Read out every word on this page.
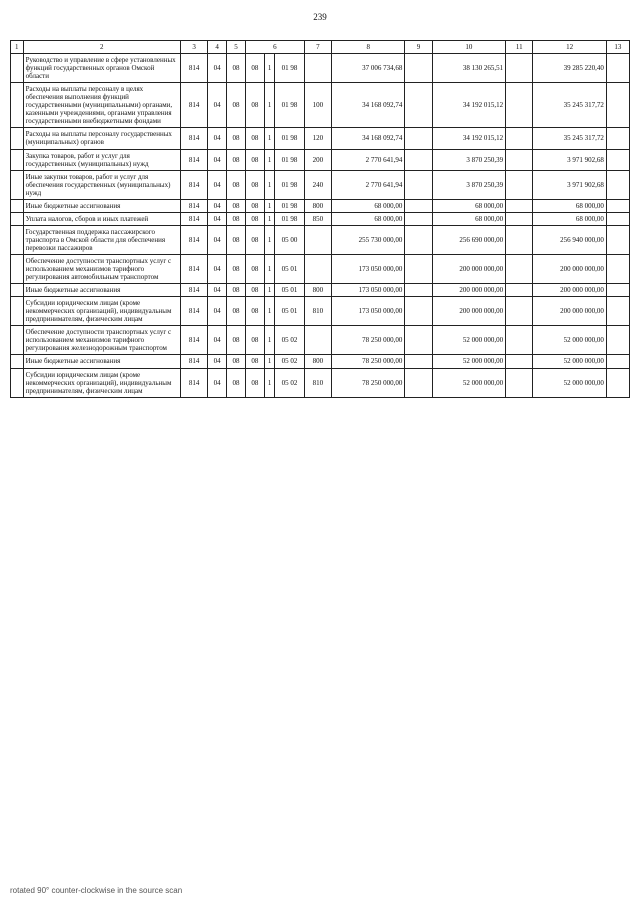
239
1	2	3	4	5	6			7	8	9	10	11	12	13
	Руководство и управление в сфере установленных функций государственных органов Омской области	814	04	08	08	1	01 98		37 006 734,68		38 130 265,51		39 285 220,40	
	Расходы на выплаты персоналу в целях обеспечения выполнения функций государственными (муниципальными) органами, казенными учреждениями, органами управления государственными внебюджетными фондами	814	04	08	08	1	01 98	100	34 168 092,74		34 192 015,12		35 245 317,72	
	Расходы на выплаты персоналу государственных (муниципальных) органов	814	04	08	08	1	01 98	120	34 168 092,74		34 192 015,12		35 245 317,72	
	Закупка товаров, работ и услуг для государственных (муниципальных) нужд	814	04	08	08	1	01 98	200	2 770 641,94		3 870 250,39		3 971 902,68	
	Иные закупки товаров, работ и услуг для обеспечения государственных (муниципальных) нужд	814	04	08	08	1	01 98	240	2 770 641,94		3 870 250,39		3 971 902,68	
	Иные бюджетные ассигнования	814	04	08	08	1	01 98	800	68 000,00		68 000,00		68 000,00	
	Уплата налогов, сборов и иных платежей	814	04	08	08	1	01 98	850	68 000,00		68 000,00		68 000,00	
	Государственная поддержка пассажирского транспорта в Омской области для обеспечения перевозки пассажиров	814	04	08	08	1	05 00		255 730 000,00		256 690 000,00		256 940 000,00	
	Обеспечение доступности транспортных услуг с использованием механизмов тарифного регулирования автомобильным транспортом	814	04	08	08	1	05 01		173 050 000,00		200 000 000,00		200 000 000,00	
	Иные бюджетные ассигнования	814	04	08	08	1	05 01	800	173 050 000,00		200 000 000,00		200 000 000,00	
	Субсидии юридическим лицам (кроме некоммерческих организаций), индивидуальным предпринимателям, физическим лицам	814	04	08	08	1	05 01	810	173 050 000,00		200 000 000,00		200 000 000,00	
	Обеспечение доступности транспортных услуг с использованием механизмов тарифного регулирования железнодорожным транспортом	814	04	08	08	1	05 02		78 250 000,00		52 000 000,00		52 000 000,00	
	Иные бюджетные ассигнования	814	04	08	08	1	05 02	800	78 250 000,00		52 000 000,00		52 000 000,00	
	Субсидии юридическим лицам (кроме некоммерческих организаций), индивидуальным предпринимателям, физическим лицам	814	04	08	08	1	05 02	810	78 250 000,00		52 000 000,00		52 000 000,00	
rotated 90° counter-clockwise in the source scan
